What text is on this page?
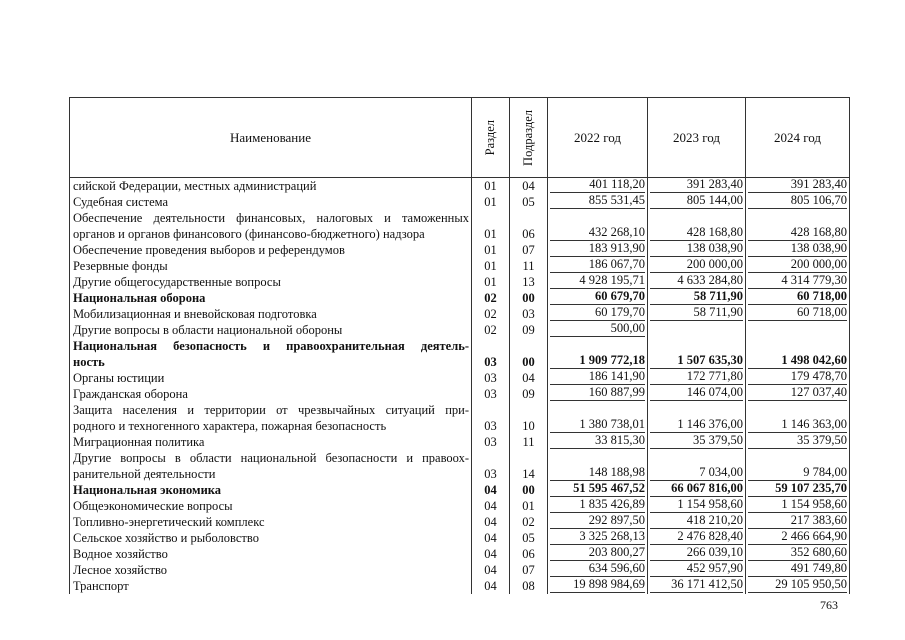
Наименование	Раздел Подраздел	2022 год	2023 год	2024 год
сийской Федерации, местных администраций	01	04	401 118,20	391 283,40	391 283,40
Судебная система	01	05	855 531,45	805 144,00	805 106,70
Обеспечение деятельности финансовых, налоговых и таможенных
органов и органов финансового (финансово-бюджетного) надзора	01	06	432 268,10	428 168,80	428 168,80
Обеспечение проведения выборов и референдумов	01	07	183 913,90	138 038,90	138 038,90
Резервные фонды	01	11	186 067,70	200 000,00	200 000,00
Другие общегосударственные вопросы	01	13	4 928 195,71	4 633 284,80	4 314 779,30
Национальная оборона	02	00	60 679,70	58 711,90	60 718,00
Мобилизационная и вневойсковая подготовка	02	03	60 179,70	58 711,90	60 718,00
Другие вопросы в области национальной обороны	02	09	500,00
Национальная безопасность и правоохранительная деятель-
ность	03	00	1 909 772,18	1 507 635,30	1 498 042,60
Органы юстиции	03	04	186 141,90	172 771,80	179 478,70
Гражданская оборона	03	09	160 887,99	146 074,00	127 037,40
Защита населения и территории от чрезвычайных ситуаций при-
родного и техногенного характера, пожарная безопасность	03	10	1 380 738,01	1 146 376,00	1 146 363,00
Миграционная политика	03	11	33 815,30	35 379,50	35 379,50
Другие вопросы в области национальной безопасности и правоох-
ранительной деятельности	03	14	148 188,98	7 034,00	9 784,00
Национальная экономика	04	00	51 595 467,52	66 067 816,00	59 107 235,70
Общеэкономические вопросы	04	01	1 835 426,89	1 154 958,60	1 154 958,60
Топливно-энергетический комплекс	04	02	292 897,50	418 210,20	217 383,60
Сельское хозяйство и рыболовство	04	05	3 325 268,13	2 476 828,40	2 466 664,90
Водное хозяйство	04	06	203 800,27	266 039,10	352 680,60
Лесное хозяйство	04	07	634 596,60	452 957,90	491 749,80
Транспорт	04	08	19 898 984,69	36 171 412,50	29 105 950,50
763
